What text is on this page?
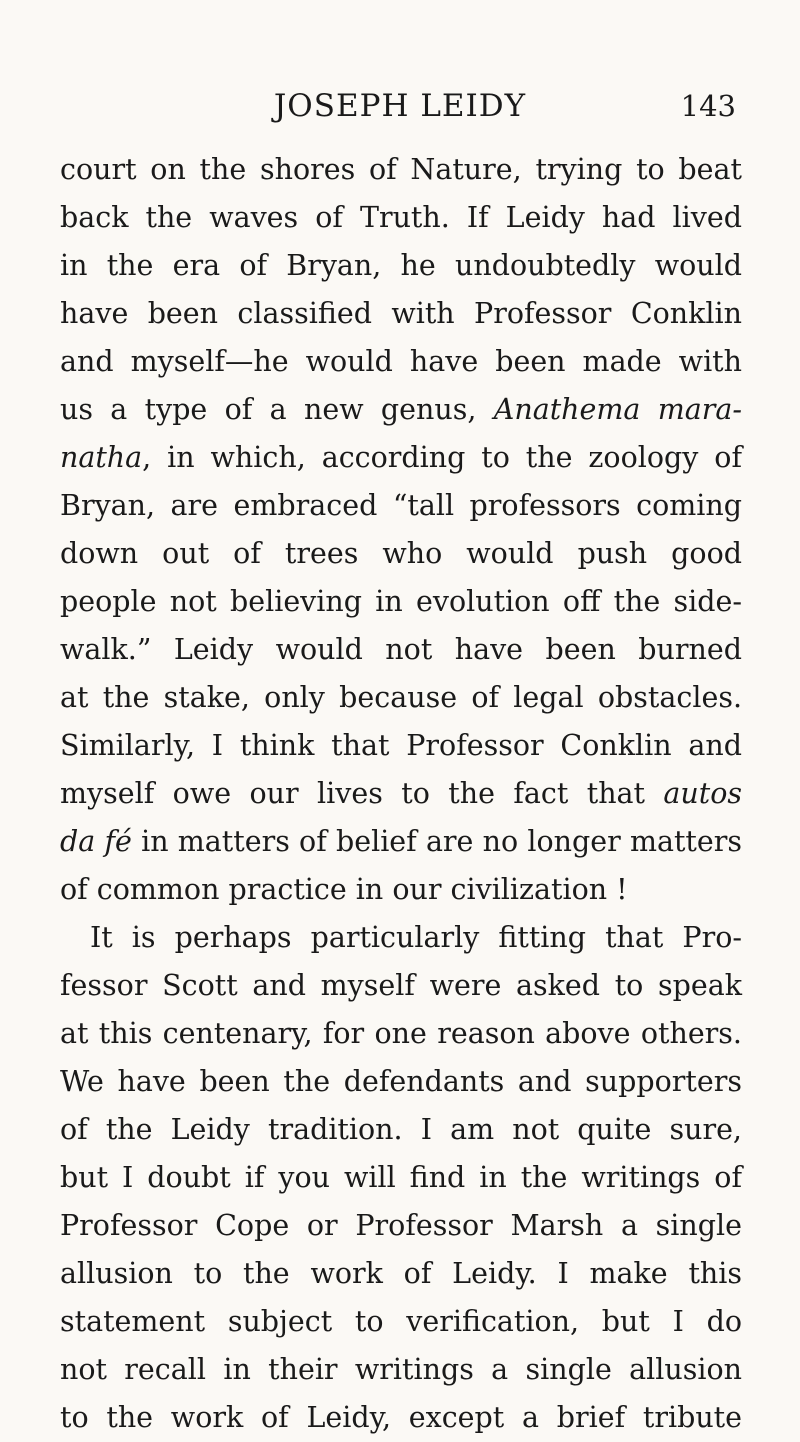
JOSEPH LEIDY	143
court on the shores of Nature, trying to beat
back the waves of Truth. If Leidy had lived
in the era of Bryan, he undoubtedly would
have been classified with Professor Conklin
and myself—he would have been made with
us a type of a new genus, Anathema mara-
natha, in which, according to the zoology of
Bryan, are embraced “tall professors coming
down out of trees who would push good
people not believing in evolution off the side-
walk.” Leidy would not have been burned
at the stake, only because of legal obstacles.
Similarly, I think that Professor Conklin and
myself owe our lives to the fact that autos
da fé in matters of belief are no longer matters
of common practice in our civilization !
It is perhaps particularly fitting that Pro-
fessor Scott and myself were asked to speak
at this centenary, for one reason above others.
We have been the defendants and supporters
of the Leidy tradition. I am not quite sure,
but I doubt if you will find in the writings of
Professor Cope or Professor Marsh a single
allusion to the work of Leidy. I make this
statement subject to verification, but I do
not recall in their writings a single allusion
to the work of Leidy, except a brief tribute
